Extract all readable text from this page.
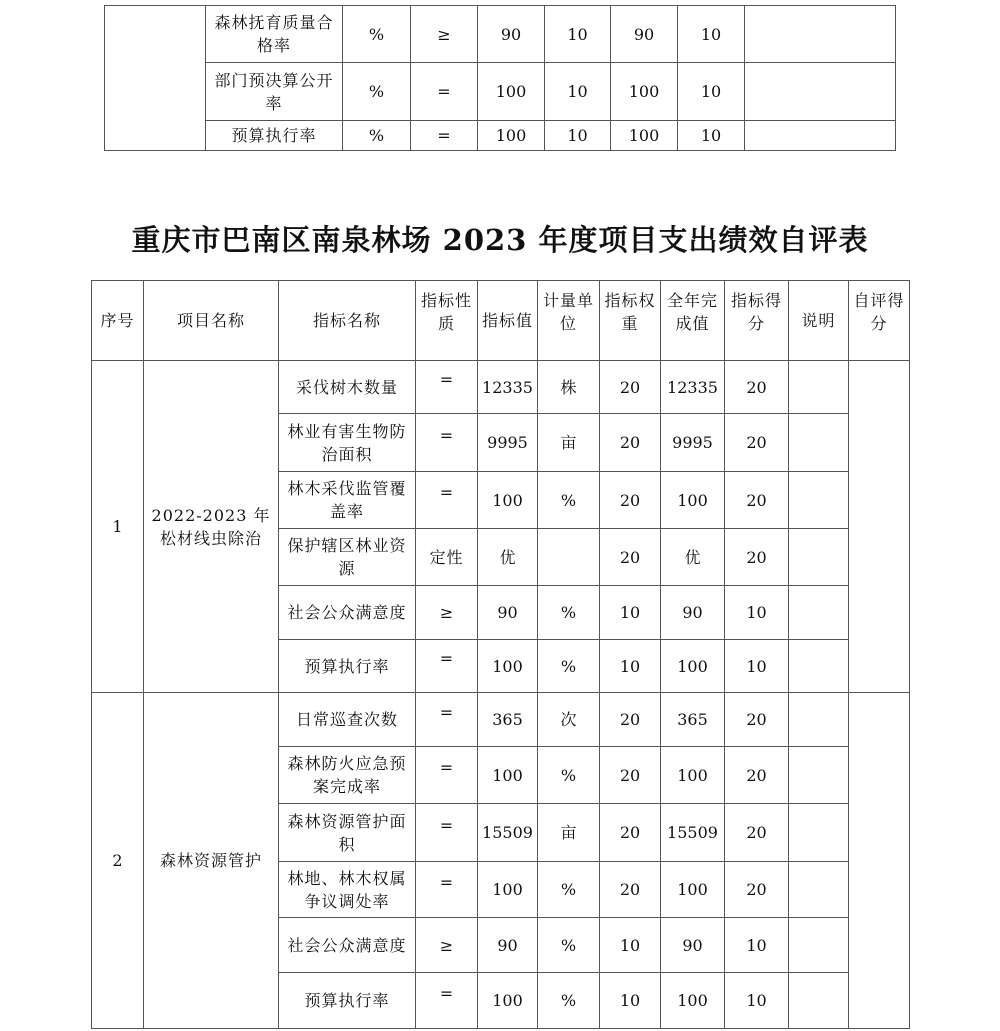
	森林抚育质量合格率	%	≥	90	10	90	10	
	部门预决算公开率	%	=	100	10	100	10	
	预算执行率	%	=	100	10	100	10	
重庆市巴南区南泉林场 2023 年度项目支出绩效自评表
序号	项目名称	指标名称	指标性质	指标值	计量单位	指标权重	全年完成值	指标得分	说明	自评得分
1	2022-2023 年松材线虫除治	采伐树木数量	=	12335	株	20	12335	20		
		林业有害生物防治面积	=	9995	亩	20	9995	20		
		林木采伐监管覆盖率	=	100	%	20	100	20		
		保护辖区林业资源	定性	优		20	优	20		
		社会公众满意度	≥	90	%	10	90	10		
		预算执行率	=	100	%	10	100	10		
2	森林资源管护	日常巡查次数	=	365	次	20	365	20		
		森林防火应急预案完成率	=	100	%	20	100	20		
		森林资源管护面积	=	15509	亩	20	15509	20		
		林地、林木权属争议调处率	=	100	%	20	100	20		
		社会公众满意度	≥	90	%	10	90	10		
		预算执行率	=	100	%	10	100	10		
